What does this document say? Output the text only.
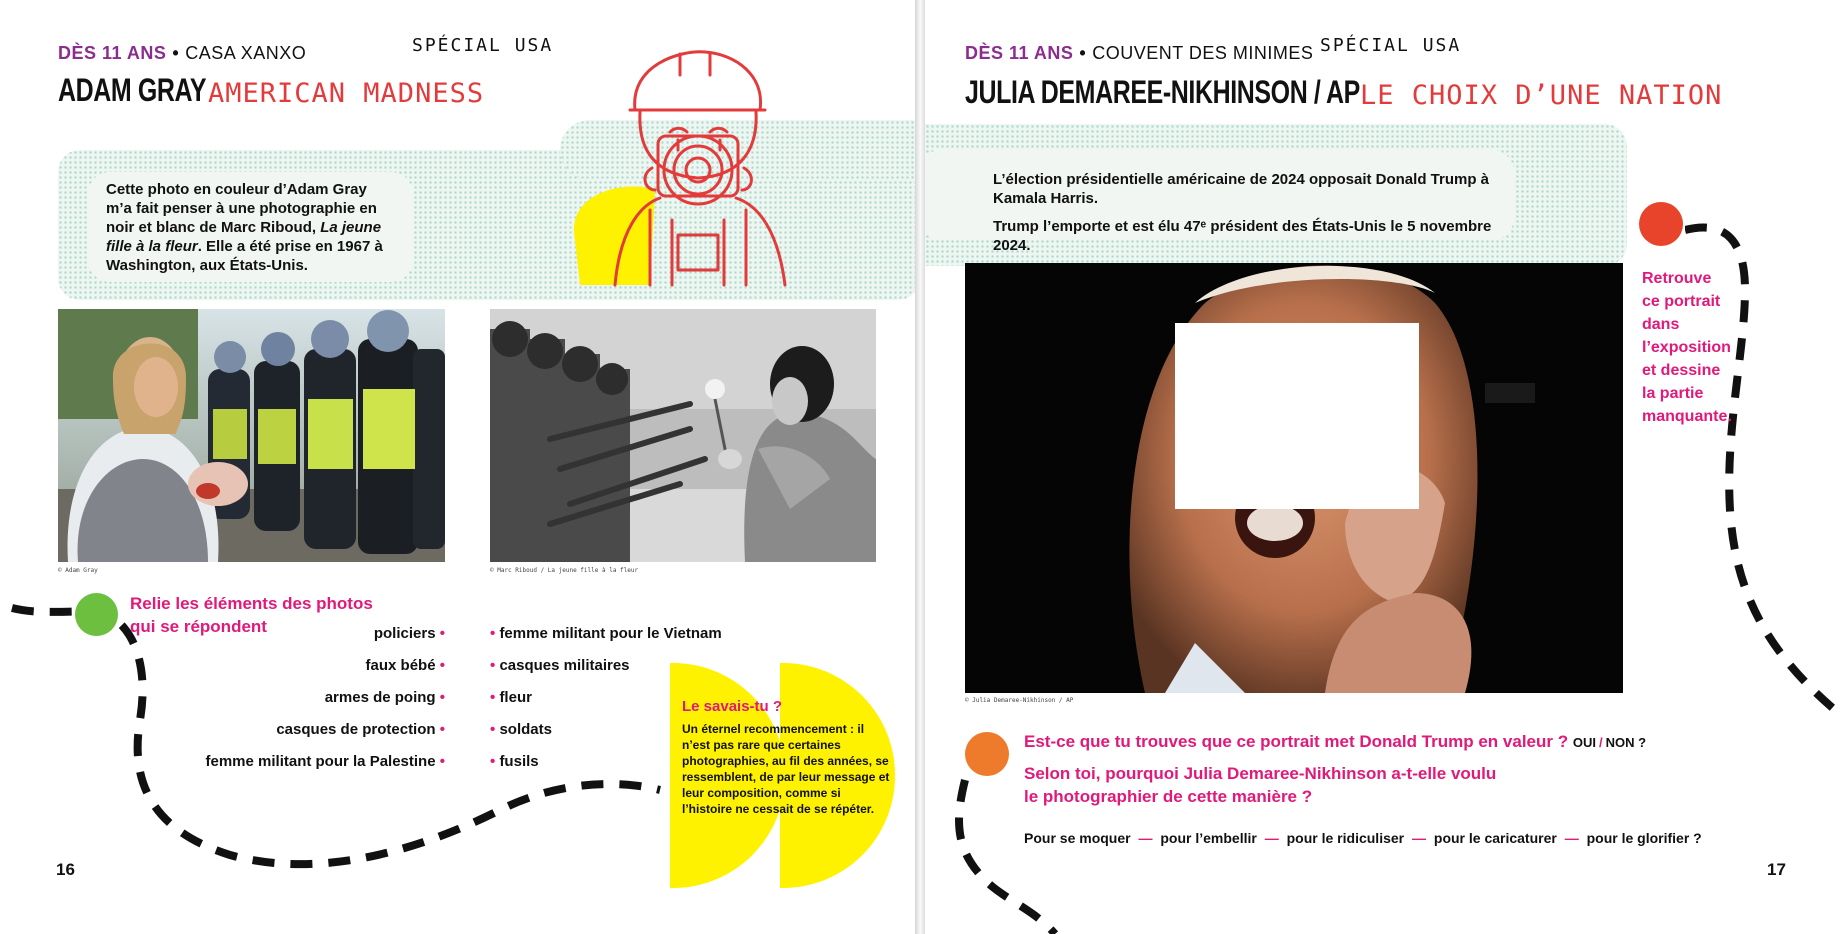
DÈS 11 ANS • CASA XANXO	SPÉCIAL USA
ADAM GRAY AMERICAN MADNESS
Cette photo en couleur d’Adam Gray m’a fait penser à une photographie en noir et blanc de Marc Riboud, La jeune fille à la fleur. Elle a été prise en 1967 à Washington, aux États-Unis.
© Adam Gray	© Marc Riboud / La jeune fille à la fleur
Relie les éléments des photos
qui se répondent	policiers •
faux bébé •
armes de poing •
casques de protection •
femme militant pour la Palestine •
• femme militant pour le Vietnam
• casques militaires
• fleur
• soldats
• fusils
Le savais-tu ?
Un éternel recommencement : il n’est pas rare que certaines photographies, au fil des années, se ressemblent, de par leur message et leur composition, comme si l’histoire ne cessait de se répéter.
16
DÈS 11 ANS • COUVENT DES MINIMES SPÉCIAL USA
JULIA DEMAREE-NIKHINSON / AP LE CHOIX D’UNE NATION
L’élection présidentielle américaine de 2024 opposait Donald Trump à Kamala Harris.
Trump l’emporte et est élu 47ᵉ président des États-Unis le 5 novembre 2024.
© Julia Demaree-Nikhinson / AP
Retrouve
ce portrait
dans
l’exposition
et dessine
la partie
manquante.
Est-ce que tu trouves que ce portrait met Donald Trump en valeur ? OUI / NON ?
Selon toi, pourquoi Julia Demaree-Nikhinson a-t-elle voulu
le photographier de cette manière ?
Pour se moquer — pour l’embellir — pour le ridiculiser — pour le caricaturer — pour le glorifier ?
17
